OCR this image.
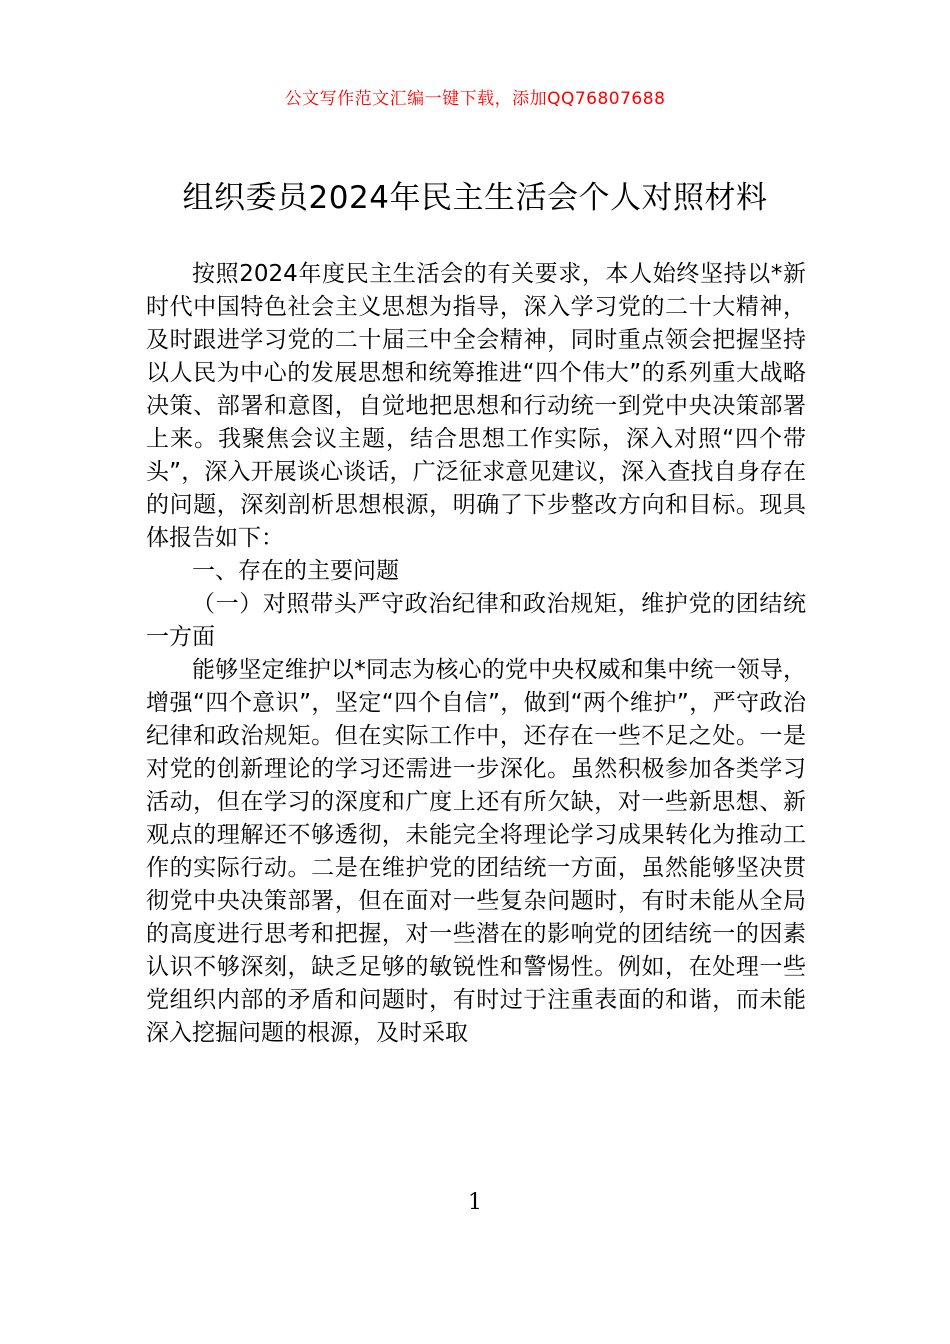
公文写作范文汇编一键下载，添加QQ76807688
组织委员2024年民主生活会个人对照材料

按照2024年度民主生活会的有关要求，本人始终坚持以*新时代中国特色社会主义思想为指导，深入学习党的二十大精神，及时跟进学习党的二十届三中全会精神，同时重点领会把握坚持以人民为中心的发展思想和统筹推进“四个伟大”的系列重大战略决策、部署和意图，自觉地把思想和行动统一到党中央决策部署上来。我聚焦会议主题，结合思想工作实际，深入对照“四个带头”，深入开展谈心谈话，广泛征求意见建议，深入查找自身存在的问题，深刻剖析思想根源，明确了下步整改方向和目标。现具体报告如下：

一、存在的主要问题

（一）对照带头严守政治纪律和政治规矩，维护党的团结统一方面

能够坚定维护以*同志为核心的党中央权威和集中统一领导，增强“四个意识”，坚定“四个自信”，做到“两个维护”，严守政治纪律和政治规矩。但在实际工作中，还存在一些不足之处。一是对党的创新理论的学习还需进一步深化。虽然积极参加各类学习活动，但在学习的深度和广度上还有所欠缺，对一些新思想、新观点的理解还不够透彻，未能完全将理论学习成果转化为推动工作的实际行动。二是在维护党的团结统一方面，虽然能够坚决贯彻党中央决策部署，但在面对一些复杂问题时，有时未能从全局的高度进行思考和把握，对一些潜在的影响党的团结统一的因素认识不够深刻，缺乏足够的敏锐性和警惕性。例如，在处理一些党组织内部的矛盾和问题时，有时过于注重表面的和谐，而未能深入挖掘问题的根源，及时采取

1
